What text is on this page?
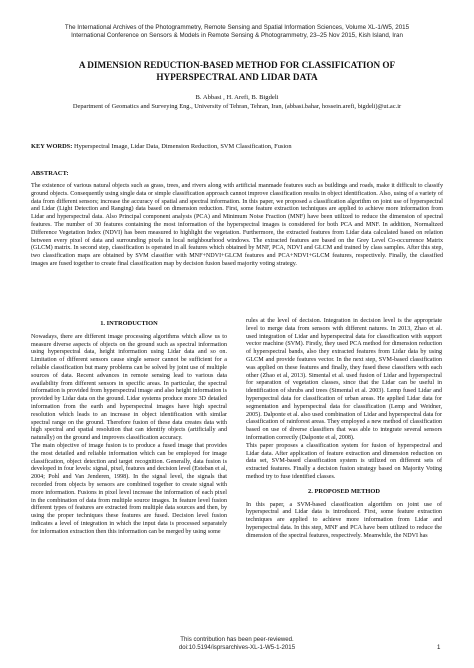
The International Archives of the Photogrammetry, Remote Sensing and Spatial Information Sciences, Volume XL-1/W5, 2015
International Conference on Sensors & Models in Remote Sensing & Photogrammetry, 23–25 Nov 2015, Kish Island, Iran
A DIMENSION REDUCTION-BASED METHOD FOR CLASSIFICATION OF
HYPERSPECTRAL AND LIDAR DATA
B. Abbasi , H. Arefi, B. Bigdeli
Department of Geomatics and Surveying Eng., University of Tehran, Tehran, Iran, (abbasi.bahar, hossein.arefi, bigdeli)@ut.ac.ir
KEY WORDS: Hyperspectral Image, Lidar Data, Dimension Reduction, SVM Classification, Fusion
ABSTRACT:
The existence of various natural objects such as grass, trees, and rivers along with artificial manmade features such as buildings and roads, make it difficult to classify ground objects. Consequently using single data or simple classification approach cannot improve classification results in object identification. Also, using of a variety of data from different sensors; increase the accuracy of spatial and spectral information. In this paper, we proposed a classification algorithm on joint use of hyperspectral and Lidar (Light Detection and Ranging) data based on dimension reduction. First, some feature extraction techniques are applied to achieve more information from Lidar and hyperspectral data. Also Principal component analysis (PCA) and Minimum Noise Fraction (MNF) have been utilized to reduce the dimension of spectral features. The number of 30 features containing the most information of the hyperspectral images is considered for both PCA and MNF. In addition, Normalized Difference Vegetation Index (NDVI) has been measured to highlight the vegetation. Furthermore, the extracted features from Lidar data calculated based on relation between every pixel of data and surrounding pixels in local neighbourhood windows. The extracted features are based on the Grey Level Co-occurrence Matrix (GLCM) matrix. In second step, classification is operated in all features which obtained by MNF, PCA, NDVI and GLCM and trained by class samples. After this step, two classification maps are obtained by SVM classifier with MNF+NDVI+GLCM features and PCA+NDVI+GLCM features, respectively. Finally, the classified images are fused together to create final classification map by decision fusion based majority voting strategy.
1. INTRODUCTION

Nowadays, there are different image processing algorithms which allow us to measure diverse aspects of objects on the ground such as spectral information using hyperspectral data, height information using Lidar data and so on. Limitation of different sensors cause single sensor cannot be sufficient for a reliable classification but many problems can be solved by joint use of multiple sources of data. Recent advances in remote sensing lead to various data availability from different sensors in specific areas. In particular, the spectral information is provided from hyperspectral image and also height information is provided by Lidar data on the ground. Lidar systems produce more 3D detailed information from the earth and hyperspectral images have high spectral resolution which leads to an increase in object identification with similar spectral range on the ground. Therefore fusion of these data creates data with high spectral and spatial resolution that can identify objects (artificially and naturally) on the ground and improves classification accuracy.

The main objective of image fusion is to produce a fused image that provides the most detailed and reliable information which can be employed for image classification, object detection and target recognition. Generally, data fusion is developed in four levels: signal, pixel, features and decision level (Esteban et al, 2004; Pohl and Van Jenderen, 1998). In the signal level, the signals that recorded from objects by sensors are combined together to create signal with more information. Fusions in pixel level increase the information of each pixel in the combination of data from multiple source images. In feature level fusion different types of features are extracted from multiple data sources and then, by using the proper techniques these features are fused. Decision level fusion indicates a level of integration in which the input data is processed separately for information extraction then this information can be merged by using some

rules at the level of decision. Integration in decision level is the appropriate level to merge data from sensors with different natures. In 2013, Zhao et al. used integration of Lidar and hyperspectral data for classification with support vector machine (SVM). Firstly, they used PCA method for dimension reduction of hyperspectral bands, also they extracted features from Lidar data by using GLCM and provide features vector. In the next step, SVM-based classification was applied on these features and finally, they fused these classifiers with each other (Zhao et al, 2013). Simental et al. used fusion of Lidar and hyperspectral for separation of vegetation classes, since that the Lidar can be useful in identification of shrubs and trees (Simental et al. 2003). Lemp fused Lidar and hyperspectral data for classification of urban areas. He applied Lidar data for segmentation and hyperspectral data for classification (Lemp and Weidner, 2005). Dalponte et al. also used combination of Lidar and hyperspectral data for classification of rainforest areas. They employed a new method of classification based on use of diverse classifiers that was able to integrate several sensors information correctly (Dalponte et al, 2008).

This paper proposes a classification system for fusion of hyperspectral and Lidar data. After application of feature extraction and dimension reduction on data set, SVM-based classification system is utilized on different sets of extracted features. Finally a decision fusion strategy based on Majority Voting method try to fuse identified classes.

2. PROPOSED METHOD

In this paper, a SVM-based classification algorithm on joint use of hyperspectral and Lidar data is introduced. First, some feature extraction techniques are applied to achieve more information from Lidar and hyperspectral data. In this step, MNF and PCA have been utilized to reduce the dimension of the spectral features, respectively. Meanwhile, the NDVI has

This contribution has been peer-reviewed.
doi:10.5194/isprsarchives-XL-1-W5-1-2015	1
